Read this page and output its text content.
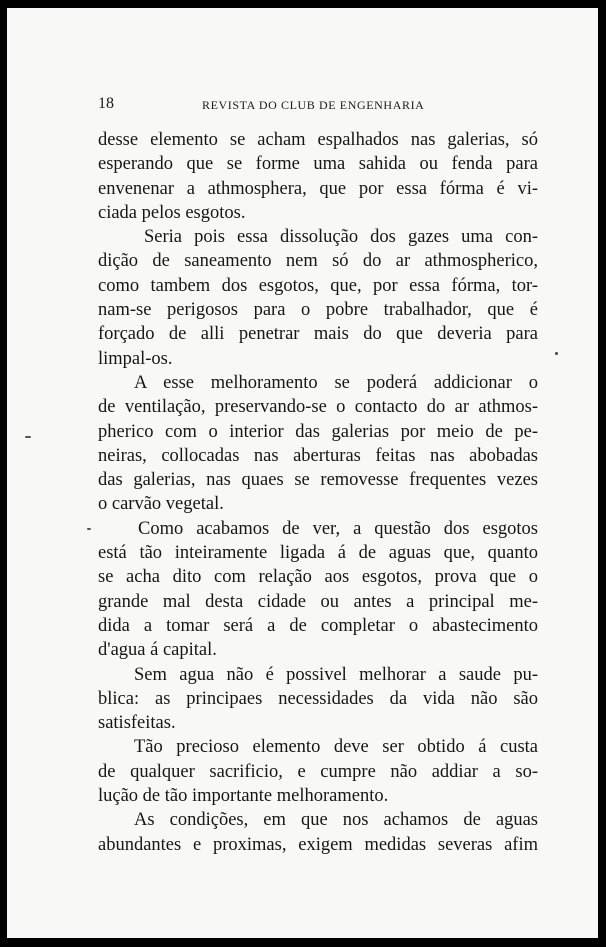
18	REVISTA DO CLUB DE ENGENHARIA

desse elemento se acham espalhados nas galerias, só

esperando que se forme uma sahida ou fenda para

envenenar a athmosphera, que por essa fórma é vi-

ciada pelos esgotos.

Seria pois essa dissolução dos gazes uma con-

dição de saneamento nem só do ar athmospherico,

como tambem dos esgotos, que, por essa fórma, tor-

nam-se perigosos para o pobre trabalhador, que é

forçado de alli penetrar mais do que deveria para

limpal-os.

A esse melhoramento se poderá addicionar o

de ventilação, preservando-se o contacto do ar athmos-

pherico com o interior das galerias por meio de pe-

neiras, collocadas nas aberturas feitas nas abobadas

das galerias, nas quaes se removesse frequentes vezes

o carvão vegetal.

Como acabamos de ver, a questão dos esgotos

está tão inteiramente ligada á de aguas que, quanto

se acha dito com relação aos esgotos, prova que o

grande mal desta cidade ou antes a principal me-

dida a tomar será a de completar o abastecimento

d'agua á capital.

Sem agua não é possivel melhorar a saude pu-

blica: as principaes necessidades da vida não são

satisfeitas.

Tão precioso elemento deve ser obtido á custa

de qualquer sacrificio, e cumpre não addiar a so-

lução de tão importante melhoramento.

As condições, em que nos achamos de aguas

abundantes e proximas, exigem medidas severas afim
